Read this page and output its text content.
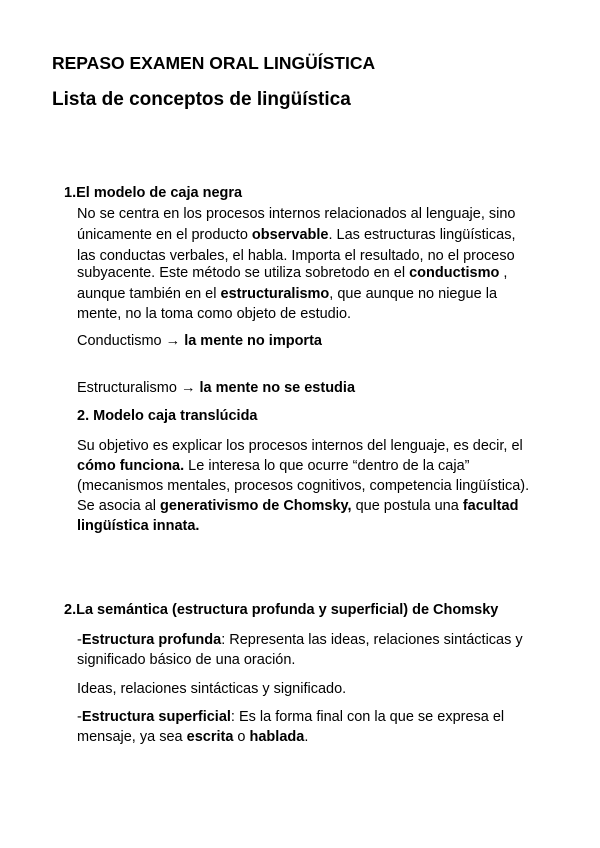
REPASO EXAMEN ORAL LINGÜÍSTICA
Lista de conceptos de lingüística
1.El modelo de caja negra
No se centra en los procesos internos relacionados al lenguaje, sino
únicamente en el producto observable. Las estructuras lingüísticas,
las conductas verbales, el habla. Importa el resultado, no el proceso
subyacente. Este método se utiliza sobretodo en el conductismo ,
aunque también en el estructuralismo, que aunque no niegue la
mente, no la toma como objeto de estudio.
Conductismo → la mente no importa
Estructuralismo → la mente no se estudia
2. Modelo caja translúcida
Su objetivo es explicar los procesos internos del lenguaje, es decir, el
cómo funciona. Le interesa lo que ocurre “dentro de la caja”
(mecanismos mentales, procesos cognitivos, competencia lingüística).
Se asocia al generativismo de Chomsky, que postula una facultad
lingüística innata.
2.La semántica (estructura profunda y superficial) de Chomsky
-Estructura profunda: Representa las ideas, relaciones sintácticas y
significado básico de una oración.
Ideas, relaciones sintácticas y significado.
-Estructura superficial: Es la forma final con la que se expresa el
mensaje, ya sea escrita o hablada.
